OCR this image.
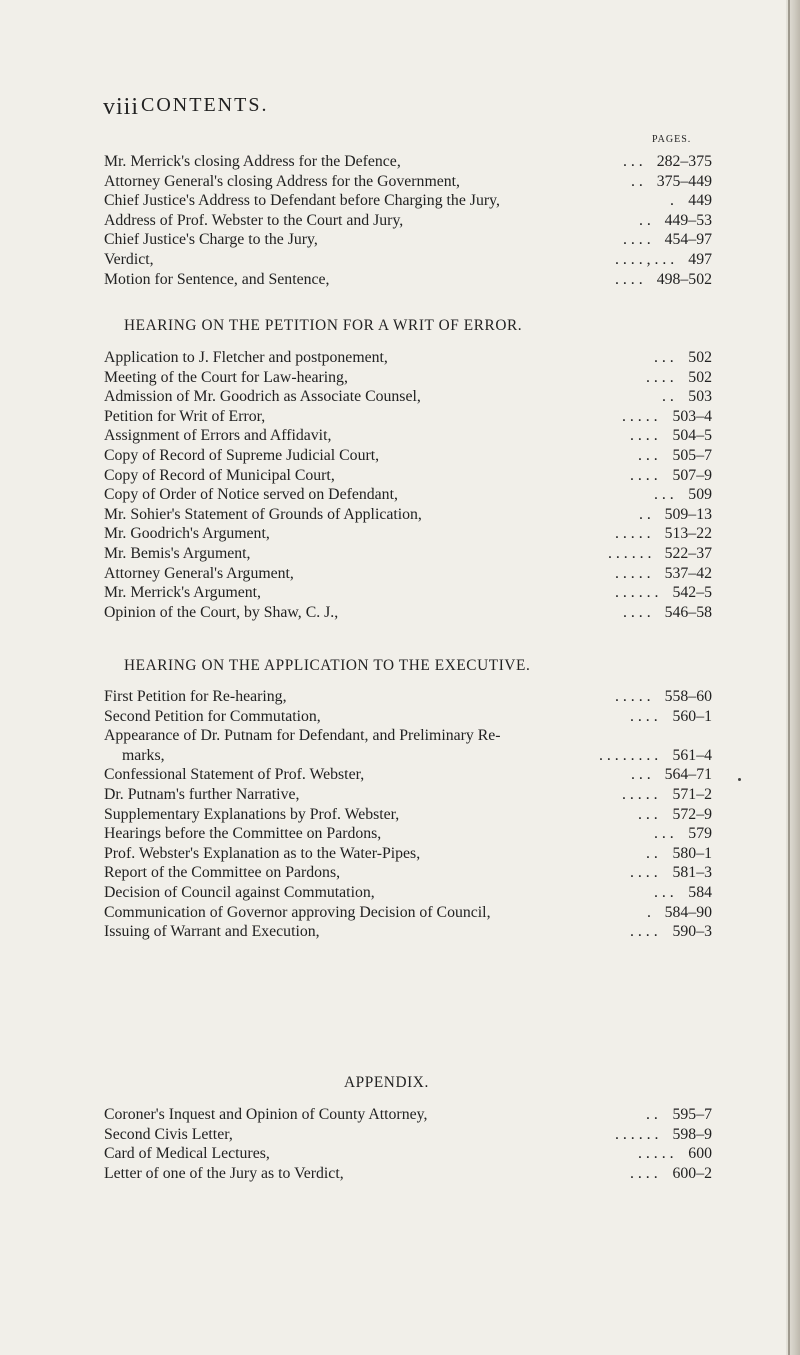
viii CONTENTS.
PAGES.
Mr. Merrick's closing Address for the Defence,	. . . 282–375
Attorney General's closing Address for the Government,	. . 375–449
Chief Justice's Address to Defendant before Charging the Jury,	. 449
Address of Prof. Webster to the Court and Jury,	. . 449–53
Chief Justice's Charge to the Jury,	. . . . 454–97
Verdict,	. . . . , . . . 497
Motion for Sentence, and Sentence,	. . . . 498–502
HEARING ON THE PETITION FOR A WRIT OF ERROR.
Application to J. Fletcher and postponement,	. . . 502
Meeting of the Court for Law-hearing,	. . . . 502
Admission of Mr. Goodrich as Associate Counsel,	. . 503
Petition for Writ of Error,	. . . . . 503–4
Assignment of Errors and Affidavit,	. . . . 504–5
Copy of Record of Supreme Judicial Court,	. . . 505–7
Copy of Record of Municipal Court,	. . . . 507–9
Copy of Order of Notice served on Defendant,	. . . 509
Mr. Sohier's Statement of Grounds of Application,	. . 509–13
Mr. Goodrich's Argument,	. . . . . 513–22
Mr. Bemis's Argument,	. . . . . . 522–37
Attorney General's Argument,	. . . . . 537–42
Mr. Merrick's Argument,	. . . . . . 542–5
Opinion of the Court, by Shaw, C. J.,	. . . . 546–58
HEARING ON THE APPLICATION TO THE EXECUTIVE.
First Petition for Re-hearing,	. . . . . 558–60
Second Petition for Commutation,	. . . . 560–1
Appearance of Dr. Putnam for Defendant, and Preliminary Re-
marks,	. . . . . . . . 561–4
Confessional Statement of Prof. Webster,	. . . 564–71
Dr. Putnam's further Narrative,	. . . . . 571–2
Supplementary Explanations by Prof. Webster,	. . . 572–9
Hearings before the Committee on Pardons,	. . . 579
Prof. Webster's Explanation as to the Water-Pipes,	. . 580–1
Report of the Committee on Pardons,	. . . . 581–3
Decision of Council against Commutation,	. . . 584
Communication of Governor approving Decision of Council,	. 584–90
Issuing of Warrant and Execution,	. . . . 590–3
APPENDIX.
Coroner's Inquest and Opinion of County Attorney,	. . 595–7
Second Civis Letter,	. . . . . . 598–9
Card of Medical Lectures,	. . . . . 600
Letter of one of the Jury as to Verdict,	. . . . 600–2
